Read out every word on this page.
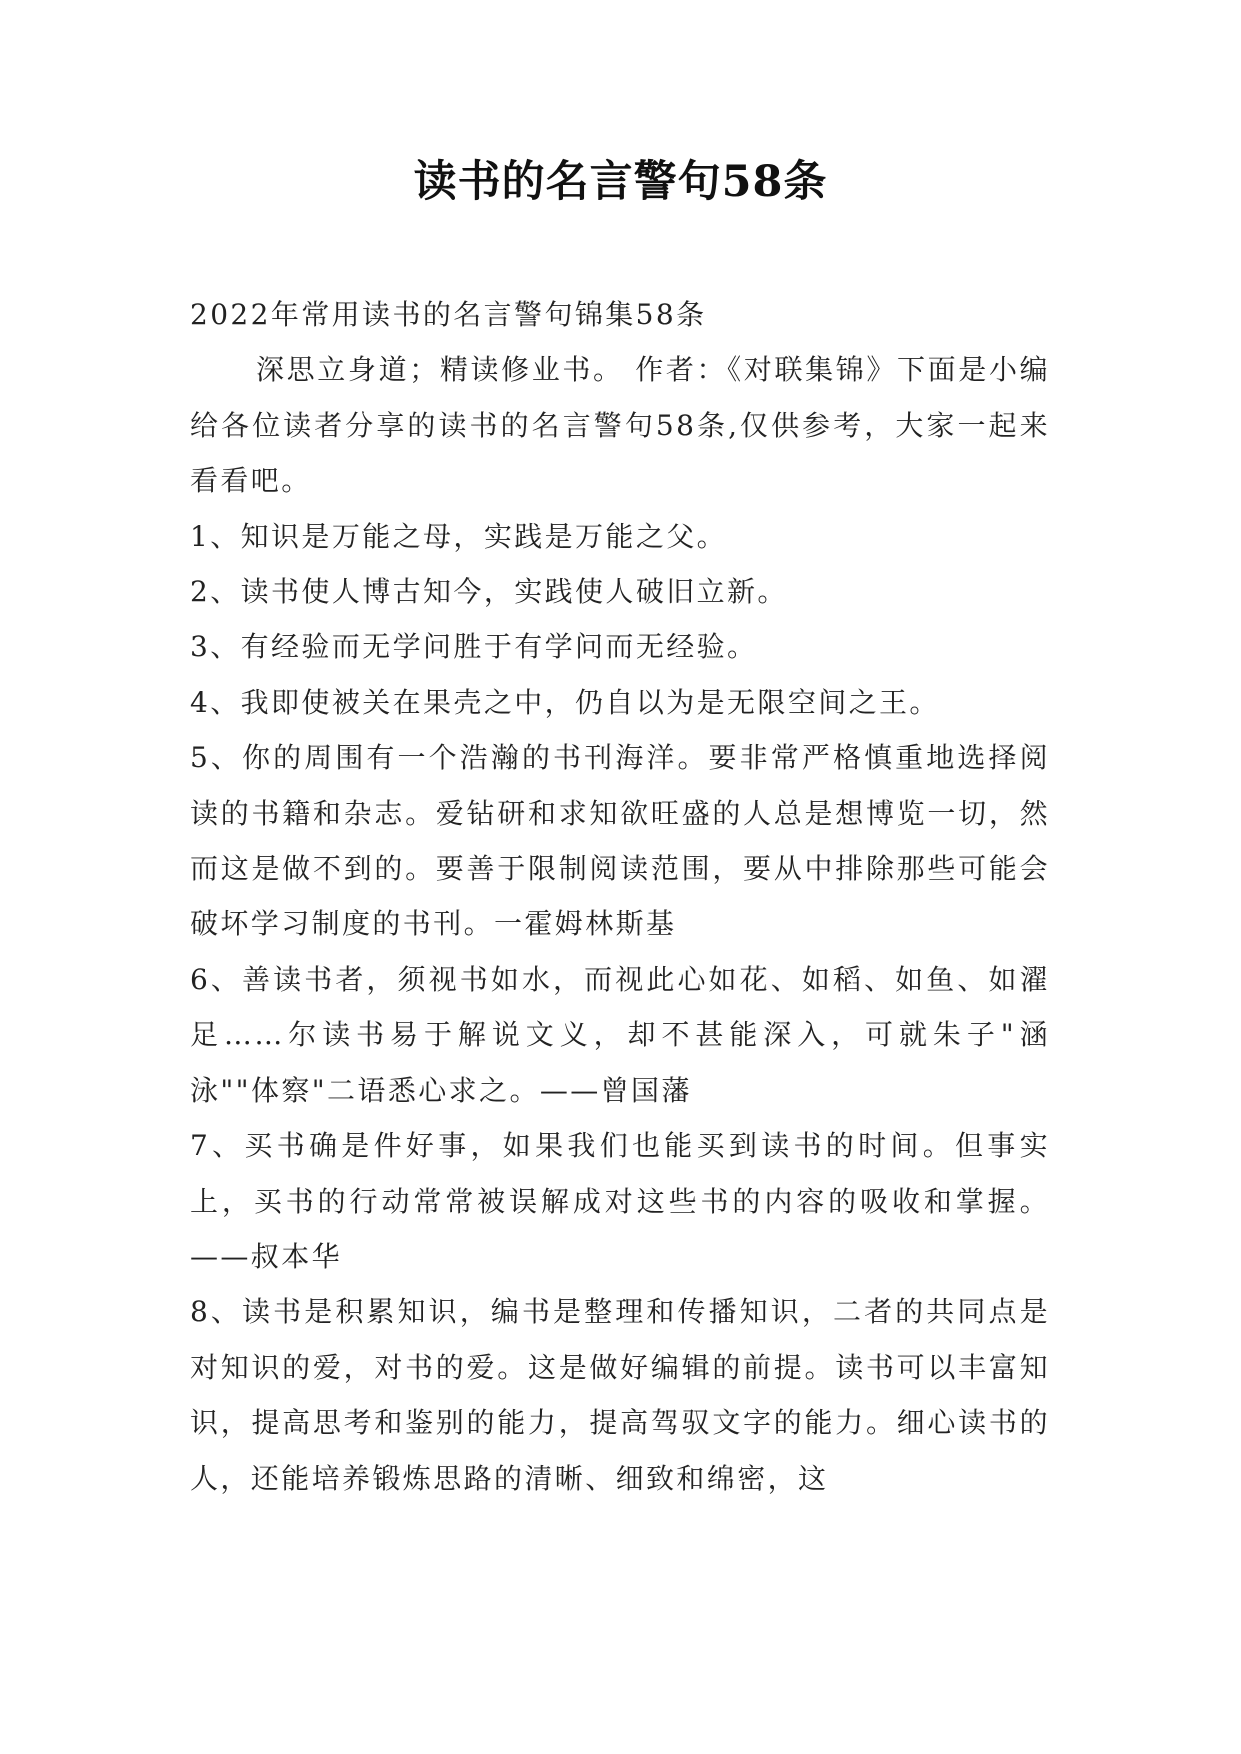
读书的名言警句58条

2022年常用读书的名言警句锦集58条

深思立身道；精读修业书。 作者：《对联集锦》下面是小编给各位读者分享的读书的名言警句58条,仅供参考，大家一起来看看吧。

1、知识是万能之母，实践是万能之父。

2、读书使人博古知今，实践使人破旧立新。

3、有经验而无学问胜于有学问而无经验。

4、我即使被关在果壳之中，仍自以为是无限空间之王。

5、你的周围有一个浩瀚的书刊海洋。要非常严格慎重地选择阅读的书籍和杂志。爱钻研和求知欲旺盛的人总是想博览一切，然而这是做不到的。要善于限制阅读范围，要从中排除那些可能会破坏学习制度的书刊。一霍姆林斯基

6、善读书者，须视书如水，而视此心如花、如稻、如鱼、如濯足……尔读书易于解说文义，却不甚能深入，可就朱子"涵泳""体察"二语悉心求之。——曾国藩

7、买书确是件好事，如果我们也能买到读书的时间。但事实上，买书的行动常常被误解成对这些书的内容的吸收和掌握。——叔本华

8、读书是积累知识，编书是整理和传播知识，二者的共同点是对知识的爱，对书的爱。这是做好编辑的前提。读书可以丰富知识，提高思考和鉴别的能力，提高驾驭文字的能力。细心读书的人，还能培养锻炼思路的清晰、细致和绵密，这
